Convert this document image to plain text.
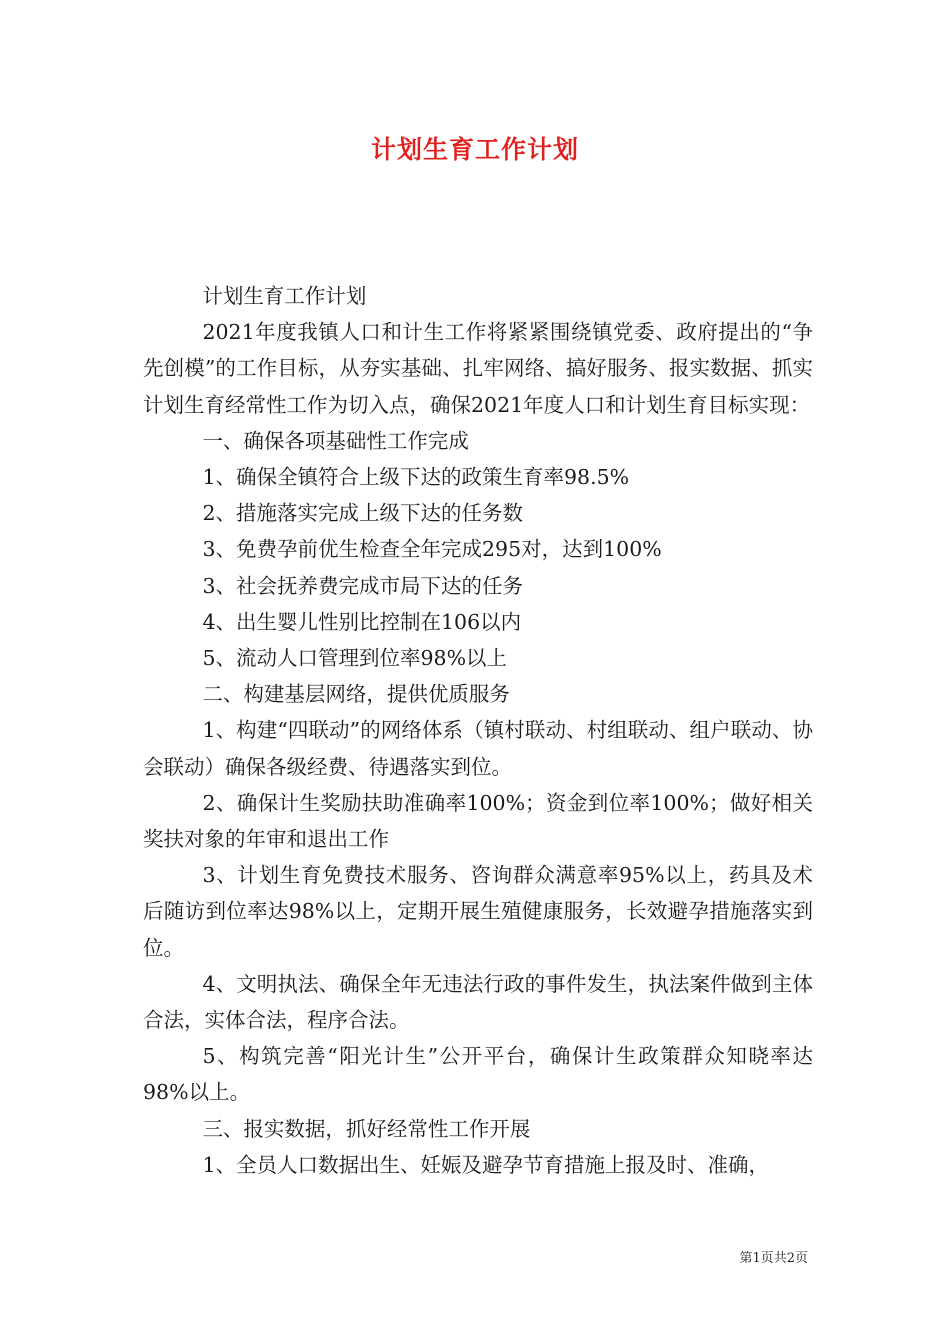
计划生育工作计划

计划生育工作计划

2021年度我镇人口和计生工作将紧紧围绕镇党委、政府提出的“争先创模”的工作目标，从夯实基础、扎牢网络、搞好服务、报实数据、抓实计划生育经常性工作为切入点，确保2021年度人口和计划生育目标实现：

一、确保各项基础性工作完成

1、确保全镇符合上级下达的政策生育率98.5%

2、措施落实完成上级下达的任务数

3、免费孕前优生检查全年完成295对，达到100%

3、社会抚养费完成市局下达的任务

4、出生婴儿性别比控制在106以内

5、流动人口管理到位率98%以上

二、构建基层网络，提供优质服务

1、构建“四联动”的网络体系（镇村联动、村组联动、组户联动、协会联动）确保各级经费、待遇落实到位。

2、确保计生奖励扶助准确率100%；资金到位率100%；做好相关奖扶对象的年审和退出工作

3、计划生育免费技术服务、咨询群众满意率95%以上，药具及术后随访到位率达98%以上，定期开展生殖健康服务，长效避孕措施落实到位。

4、文明执法、确保全年无违法行政的事件发生，执法案件做到主体合法，实体合法，程序合法。

5、构筑完善“阳光计生”公开平台，确保计生政策群众知晓率达98%以上。

三、报实数据，抓好经常性工作开展

1、全员人口数据出生、妊娠及避孕节育措施上报及时、准确，

第1页共2页
